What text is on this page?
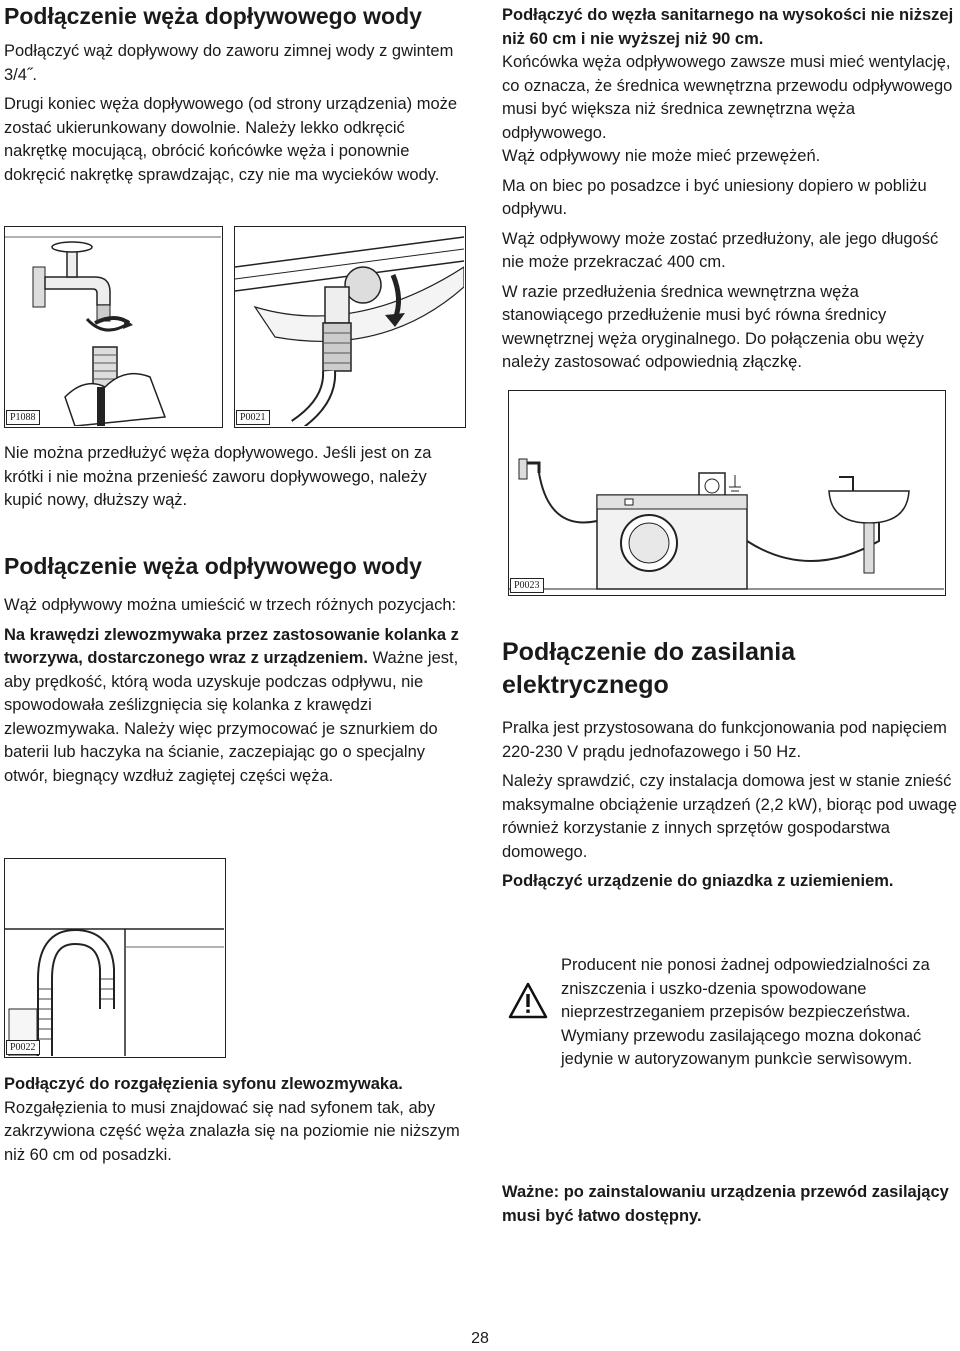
Podłączenie węża dopływowego wody

Podłączyć wąż dopływowy do zaworu zimnej wody z gwintem 3/4˝.

Drugi koniec węża dopływowego (od strony urządzenia) może zostać ukierunkowany dowolnie. Należy lekko odkręcić nakrętkę mocującą, obrócić końcówke węża i ponownie dokręcić nakrętkę sprawdzając, czy nie ma wycieków wody.

P1088	P0021

Nie można przedłużyć węża dopływowego. Jeśli jest on za krótki i nie można przenieść zaworu dopływowego, należy kupić nowy, dłuższy wąż.

Podłączenie węża odpływowego wody

Wąż odpływowy można umieścić w trzech różnych pozycjach:

Na krawędzi zlewozmywaka przez zastosowanie kolanka z tworzywa, dostarczonego wraz z urządzeniem. Ważne jest, aby prędkość, którą woda uzyskuje podczas odpływu, nie spowodowała ześlizgnięcia się kolanka z krawędzi zlewozmywaka. Należy więc przymocować je sznurkiem do baterii lub haczyka na ścianie, zaczepiając go o specjalny otwór, biegnący wzdłuż zagiętej części węża.

P0022

Podłączyć do rozgałęzienia syfonu zlewozmywaka. Rozgałęzienia to musi znajdować się nad syfonem tak, aby zakrzywiona część węża znalazła się na poziomie nie niższym niż 60 cm od posadzki.

Podłączyć do węzła sanitarnego na wysokości nie niższej niż 60 cm i nie wyższej niż 90 cm.

Końcówka węża odpływowego zawsze musi mieć wentylację, co oznacza, że średnica wewnętrzna przewodu odpływowego musi być większa niż średnica zewnętrzna węża odpływowego.

Wąż odpływowy nie może mieć przewężeń.

Ma on biec po posadzce i być uniesiony dopiero w pobliżu odpływu.

Wąż odpływowy może zostać przedłużony, ale jego długość nie może przekraczać 400 cm.

W razie przedłużenia średnica wewnętrzna węża stanowiącego przedłużenie musi być równa średnicy wewnętrznej węża oryginalnego. Do połączenia obu węży należy zastosować odpowiednią złączkę.

P0023
Podłączenie do zasilania elektrycznego

Pralka jest przystosowana do funkcjonowania pod napięciem 220-230 V prądu jednofazowego i 50 Hz.

Należy sprawdzić, czy instalacja domowa jest w stanie znieść maksymalne obciążenie urządzeń (2,2 kW), biorąc pod uwagę również korzystanie z innych sprzętów gospodarstwa domowego.

Podłączyć urządzenie do gniazdka z uziemieniem.

Producent nie ponosi żadnej odpowiedzialności za zniszczenia i uszko-dzenia spowodowane nieprzestrzeganiem przepisów bezpieczeństwa. Wymiany przewodu zasilającego mozna dokonać jedynie w autoryzowanym punkcìe serwìsowym.

Ważne: po zainstalowaniu urządzenia przewód zasilający musi być łatwo dostępny.

28
